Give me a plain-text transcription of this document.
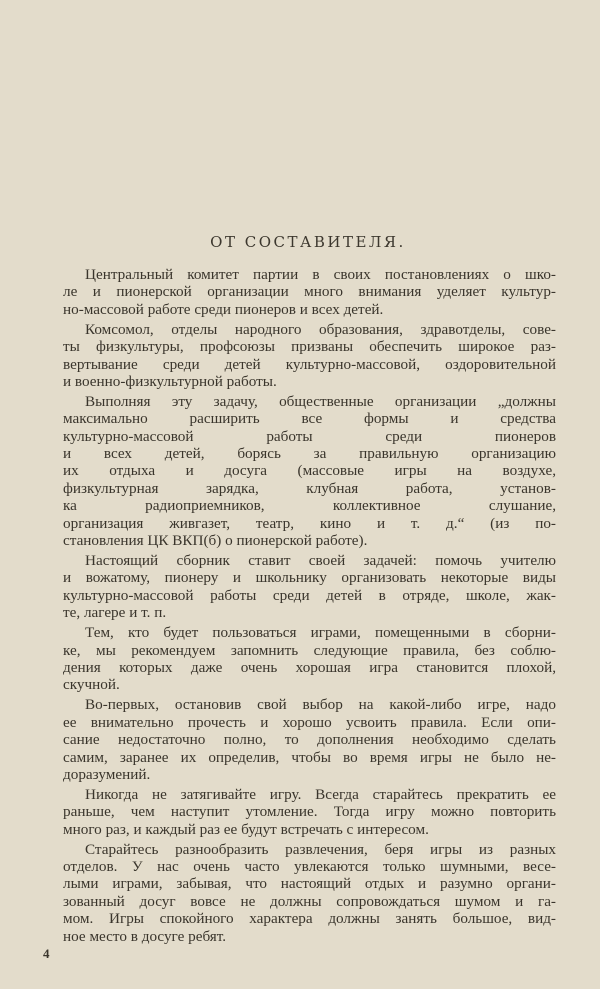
ОТ СОСТАВИТЕЛЯ.
Центральный комитет партии в своих постановлениях о шко-
ле и пионерской организации много внимания уделяет культур-
но-массовой работе среди пионеров и всех детей.
Комсомол, отделы народного образования, здравотделы, сове-
ты физкультуры, профсоюзы призваны обеспечить широкое раз-
вертывание среди детей культурно-массовой, оздоровительной
и военно-физкультурной работы.
Выполняя эту задачу, общественные организации „должны
максимально расширить все формы и средства
культурно-массовой работы среди пионеров
и всех детей, борясь за правильную организацию
их отдыха и досуга (массовые игры на воздухе,
физкультурная зарядка, клубная работа, установ-
ка радиоприемников, коллективное слушание,
организация живгазет, театр, кино и т. д.“ (из по-
становления ЦК ВКП(б) о пионерской работе).
Настоящий сборник ставит своей задачей: помочь учителю
и вожатому, пионеру и школьнику организовать некоторые виды
культурно-массовой работы среди детей в отряде, школе, жак-
те, лагере и т. п.
Тем, кто будет пользоваться играми, помещенными в сборни-
ке, мы рекомендуем запомнить следующие правила, без соблю-
дения которых даже очень хорошая игра становится плохой,
скучной.
Во-первых, остановив свой выбор на какой-либо игре, надо
ее внимательно прочесть и хорошо усвоить правила. Если опи-
сание недостаточно полно, то дополнения необходимо сделать
самим, заранее их определив, чтобы во время игры не было не-
доразумений.
Никогда не затягивайте игру. Всегда старайтесь прекратить ее
раньше, чем наступит утомление. Тогда игру можно повторить
много раз, и каждый раз ее будут встречать с интересом.
Старайтесь разнообразить развлечения, беря игры из разных
отделов. У нас очень часто увлекаются только шумными, весе-
лыми играми, забывая, что настоящий отдых и разумно органи-
зованный досуг вовсе не должны сопровождаться шумом и га-
мом. Игры спокойного характера должны занять большое, вид-
ное место в досуге ребят.
4
